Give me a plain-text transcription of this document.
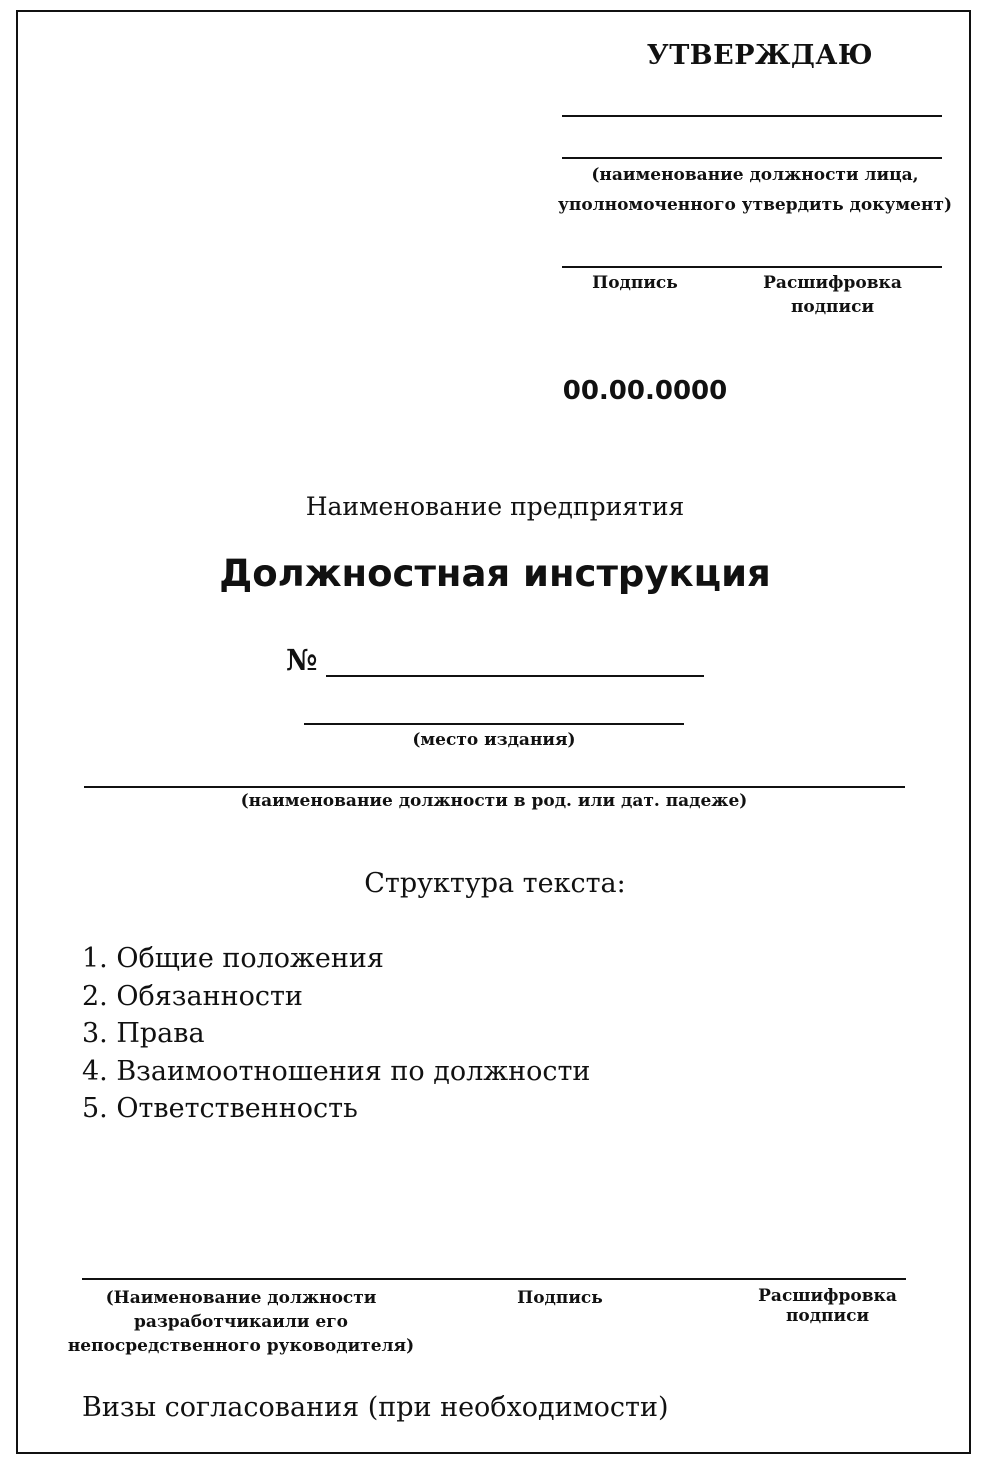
УТВЕРЖДАЮ
(наименование должности лица,
уполномоченного утвердить документ)
Подпись	Расшифровка
подписи
00.00.0000
Наименование предприятия
Должностная инструкция
№
(место издания)
(наименование должности в род. или дат. падеже)
Структура текста:
1. Общие положения
2. Обязанности
3. Права
4. Взаимоотношения по должности
5. Ответственность
(Наименование должности
разработчикаили его
непосредственного руководителя)
Подпись	Расшифровка
подписи
Визы согласования (при необходимости)
